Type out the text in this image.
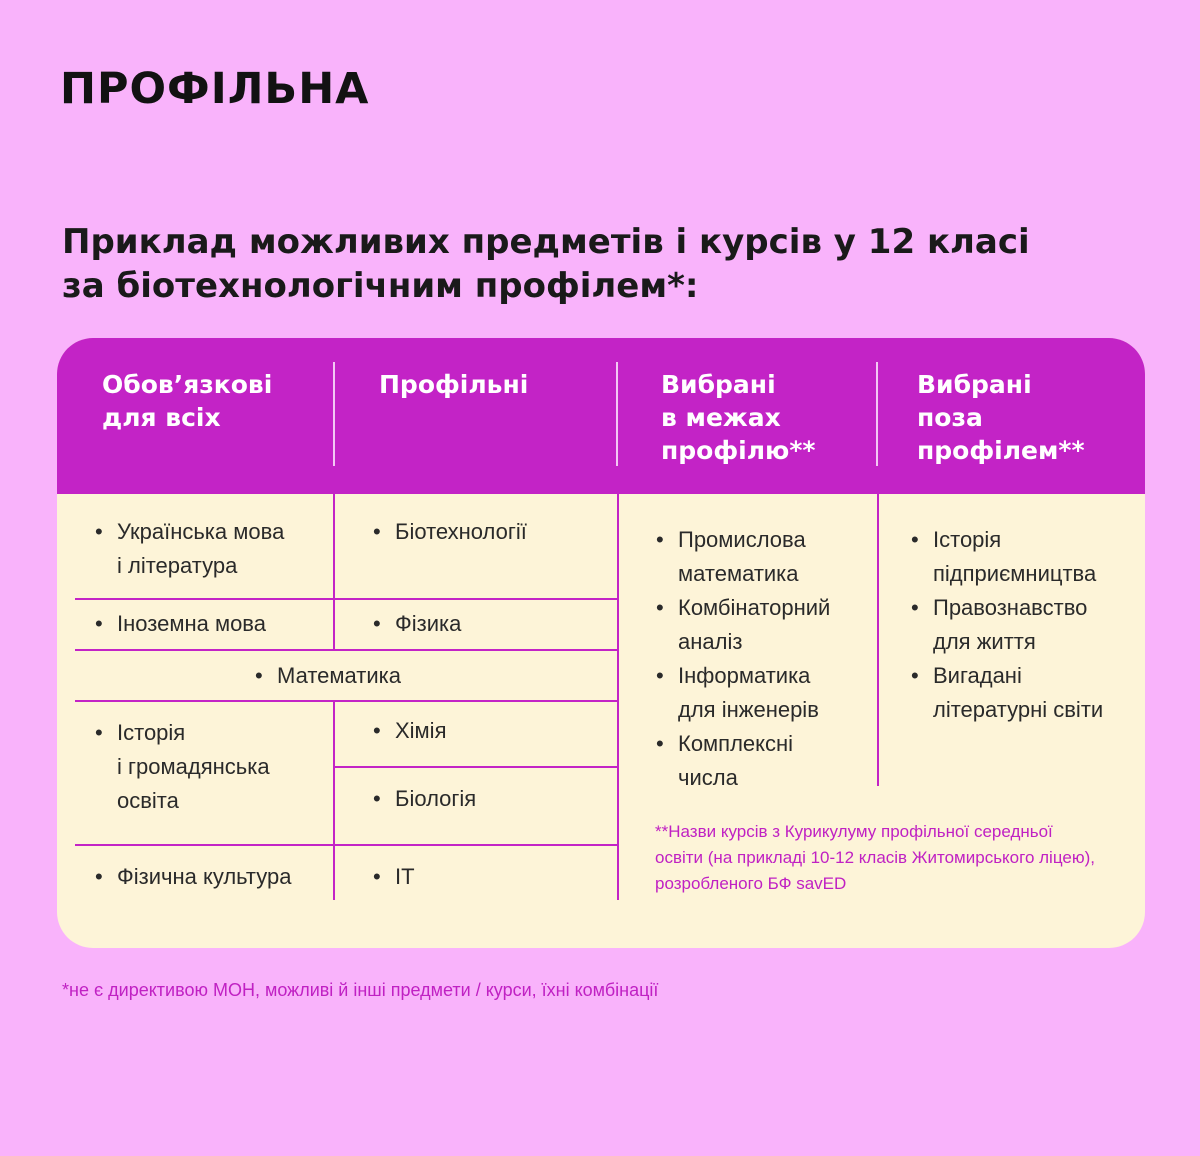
ПРОФІЛЬНА
Приклад можливих предметів і курсів у 12 класі
за біотехнологічним профілем*:
Обов’язкові
для всіх
Профільні	Вибрані
в межах
профілю**
Вибрані
поза
профілем**
• Українська мова
і література
• Іноземна мова
• Математика
• Історія
і громадянська
освіта
• Фізична культура
• Біотехнології
• Фізика
• Хімія
• Біологія
• ІТ
• Промислова
математика
• Комбінаторний
аналіз
• Інформатика
для інженерів
• Комплексні
числа
• Історія
підприємництва
• Правознавство
для життя
• Вигадані
літературні світи
**Назви курсів з Курикулуму профільної середньої
освіти (на прикладі 10-12 класів Житомирського ліцею),
розробленого БФ savED
*не є директивою МОН, можливі й інші предмети / курси, їхні комбінації
